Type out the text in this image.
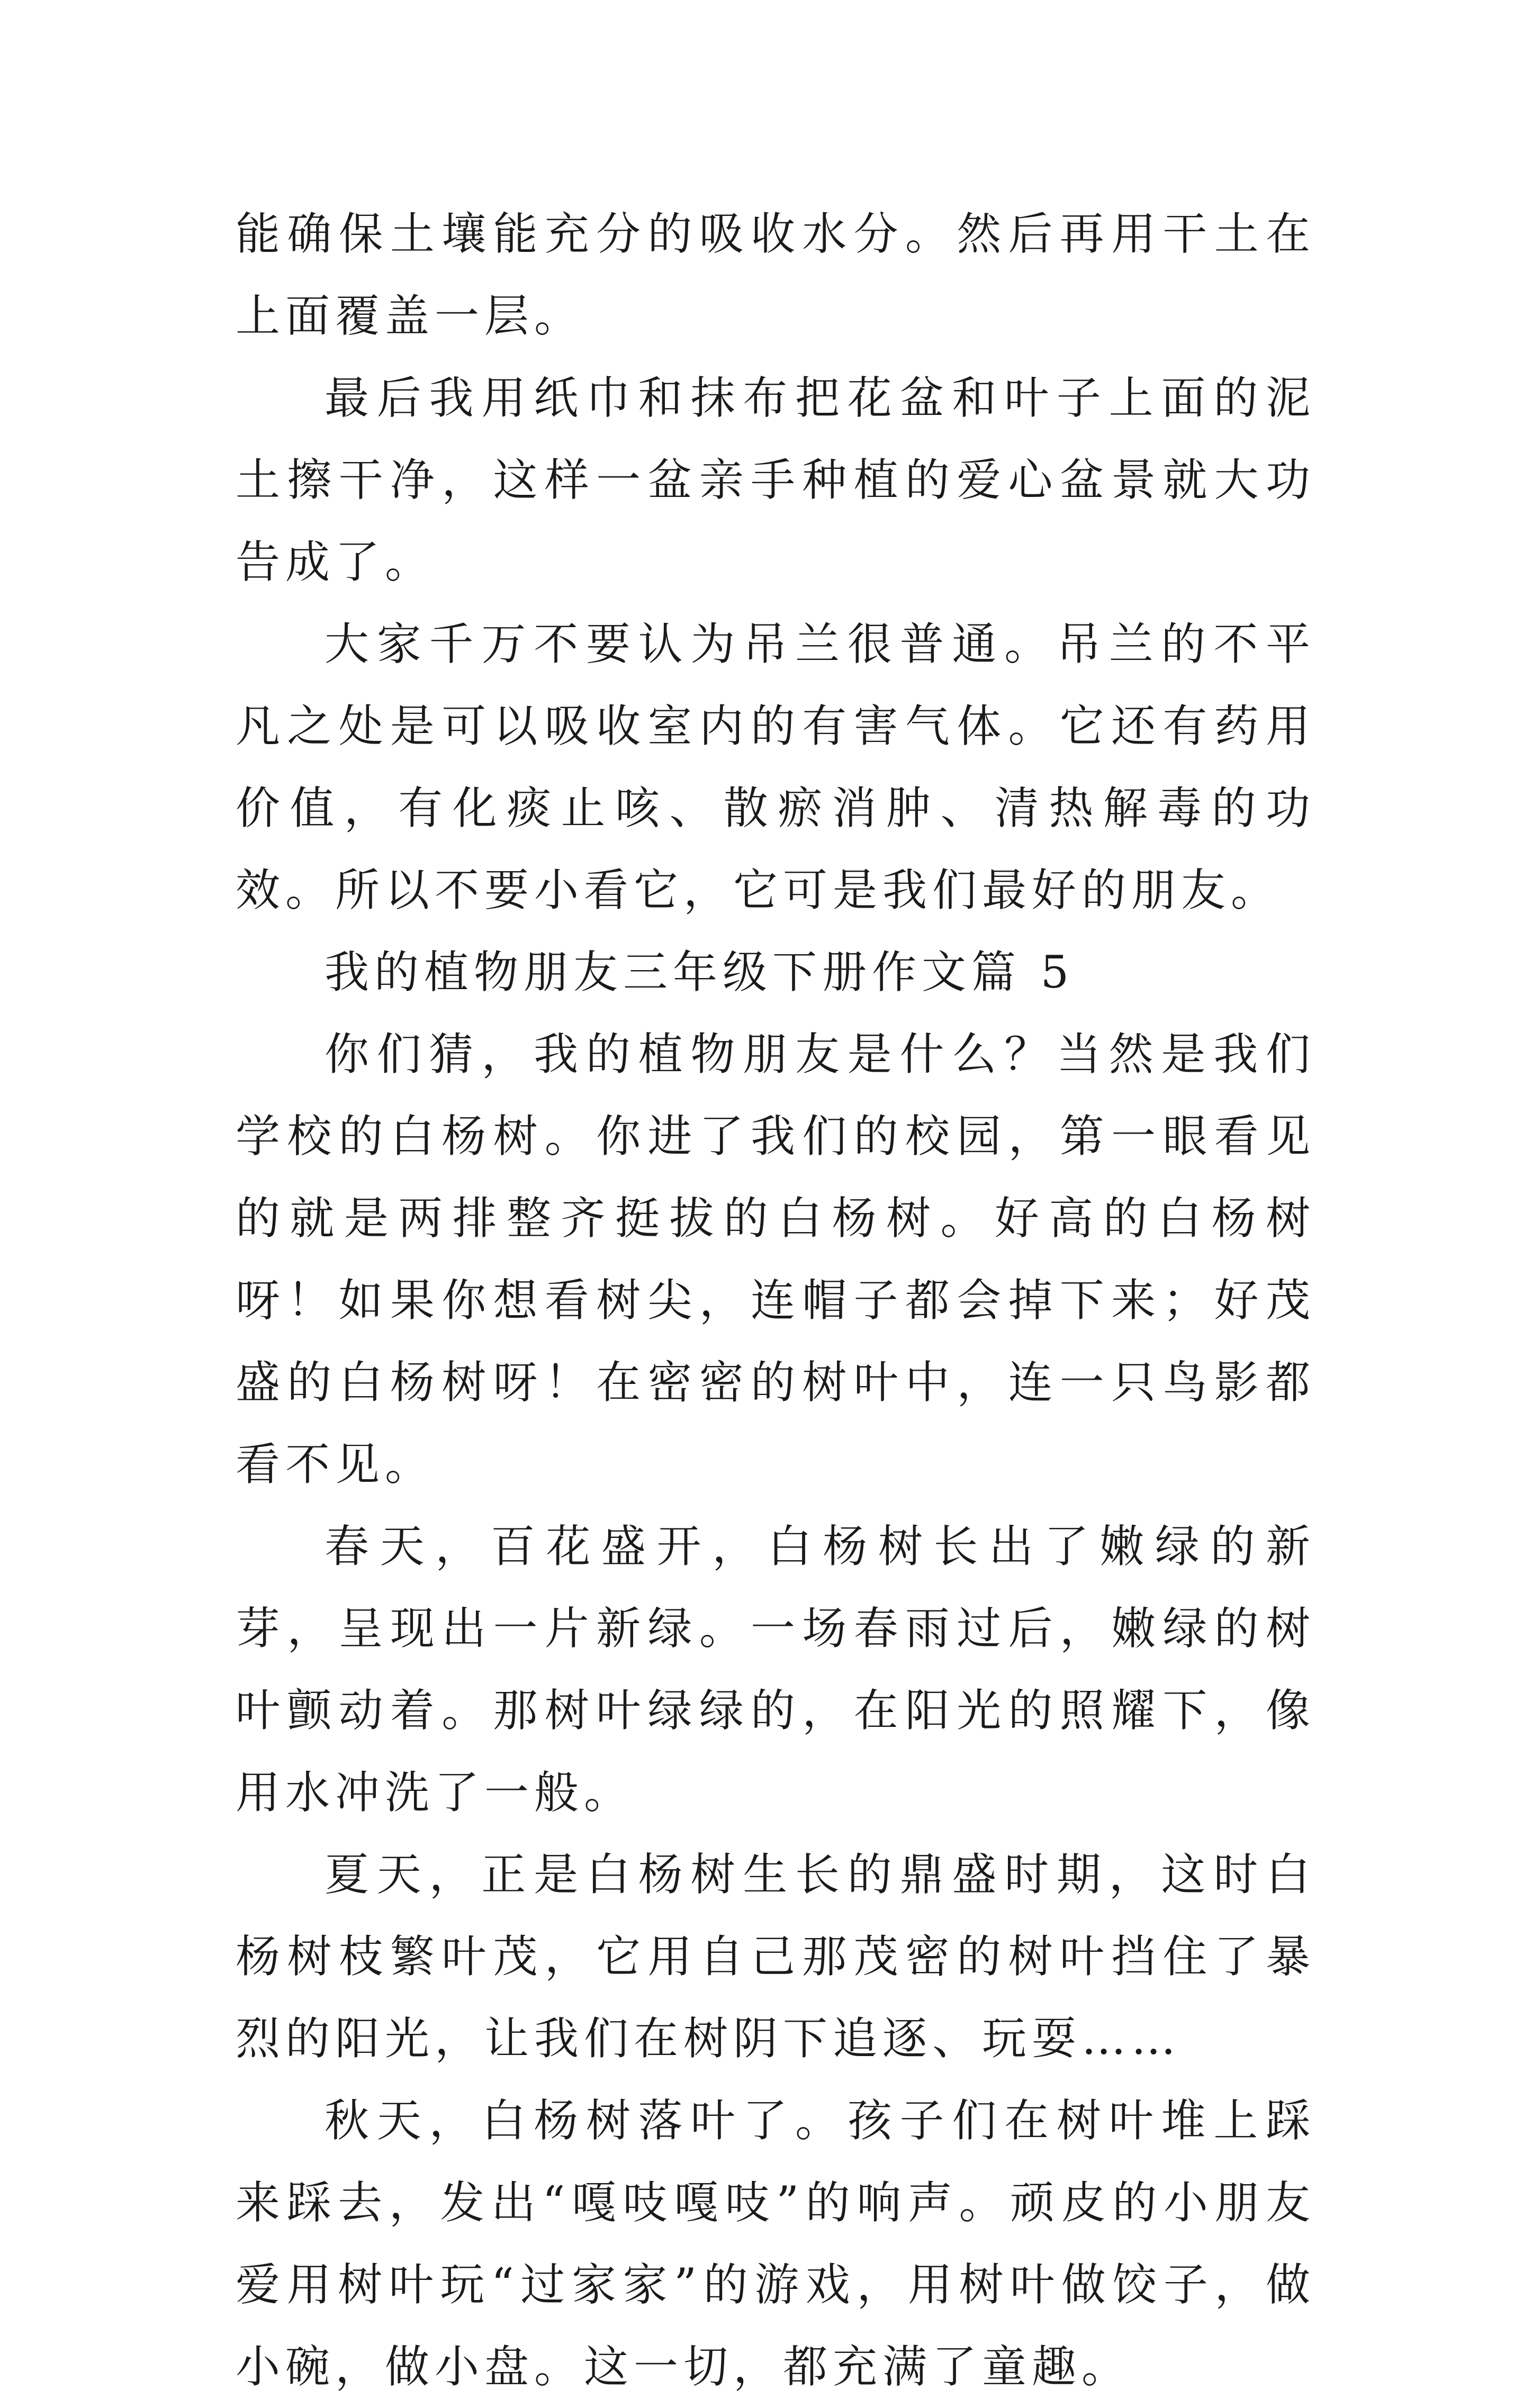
能确保土壤能充分的吸收水分。然后再用干土在上面覆盖一层。

最后我用纸巾和抹布把花盆和叶子上面的泥土擦干净，这样一盆亲手种植的爱心盆景就大功告成了。

大家千万不要认为吊兰很普通。吊兰的不平凡之处是可以吸收室内的有害气体。它还有药用价值，有化痰止咳、散瘀消肿、清热解毒的功效。所以不要小看它，它可是我们最好的朋友。

我的植物朋友三年级下册作文篇 5

你们猜，我的植物朋友是什么？当然是我们学校的白杨树。你进了我们的校园，第一眼看见的就是两排整齐挺拔的白杨树。好高的白杨树呀！如果你想看树尖，连帽子都会掉下来；好茂盛的白杨树呀！在密密的树叶中，连一只鸟影都看不见。

春天，百花盛开，白杨树长出了嫩绿的新芽，呈现出一片新绿。一场春雨过后，嫩绿的树叶颤动着。那树叶绿绿的，在阳光的照耀下，像用水冲洗了一般。

夏天，正是白杨树生长的鼎盛时期，这时白杨树枝繁叶茂，它用自己那茂密的树叶挡住了暴烈的阳光，让我们在树阴下追逐、玩耍……

秋天，白杨树落叶了。孩子们在树叶堆上踩来踩去，发出“嘎吱嘎吱”的响声。顽皮的小朋友爱用树叶玩“过家家”的游戏，用树叶做饺子，做小碗，做小盘。这一切，都充满了童趣。
